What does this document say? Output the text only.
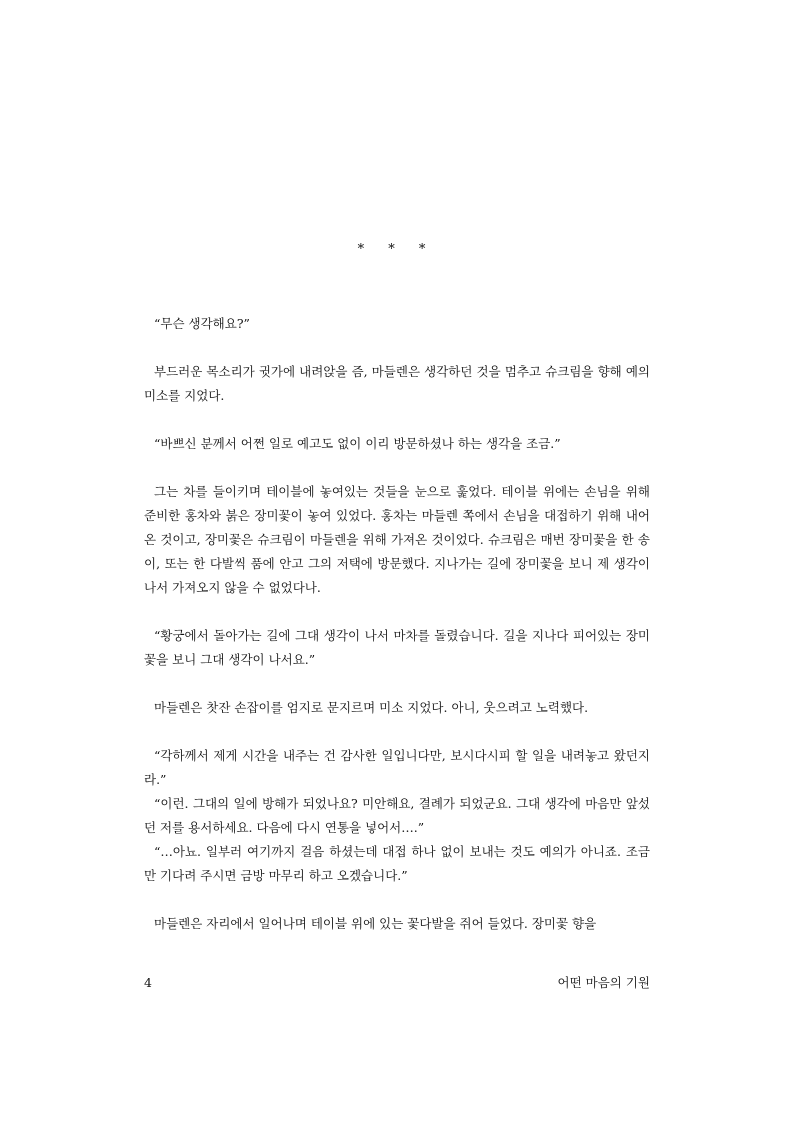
* * *

“무슨 생각해요?”

부드러운 목소리가 귓가에 내려앉을 즘, 마들렌은 생각하던 것을 멈추고 슈크림을 향해 예의 미소를 지었다.

“바쁘신 분께서 어쩐 일로 예고도 없이 이리 방문하셨나 하는 생각을 조금.”

그는 차를 들이키며 테이블에 놓여있는 것들을 눈으로 훑었다. 테이블 위에는 손님을 위해 준비한 홍차와 붉은 장미꽃이 놓여 있었다. 홍차는 마들렌 쪽에서 손님을 대접하기 위해 내어온 것이고, 장미꽃은 슈크림이 마들렌을 위해 가져온 것이었다. 슈크림은 매번 장미꽃을 한 송이, 또는 한 다발씩 품에 안고 그의 저택에 방문했다. 지나가는 길에 장미꽃을 보니 제 생각이 나서 가져오지 않을 수 없었다나.

“황궁에서 돌아가는 길에 그대 생각이 나서 마차를 돌렸습니다. 길을 지나다 피어있는 장미꽃을 보니 그대 생각이 나서요.”

마들렌은 찻잔 손잡이를 엄지로 문지르며 미소 지었다. 아니, 웃으려고 노력했다.

“각하께서 제게 시간을 내주는 건 감사한 일입니다만, 보시다시피 할 일을 내려놓고 왔던지라.”

“이런. 그대의 일에 방해가 되었나요? 미안해요, 결례가 되었군요. 그대 생각에 마음만 앞섰던 저를 용서하세요. 다음에 다시 연통을 넣어서….”

“…아뇨. 일부러 여기까지 걸음 하셨는데 대접 하나 없이 보내는 것도 예의가 아니죠. 조금만 기다려 주시면 금방 마무리 하고 오겠습니다.”

마들렌은 자리에서 일어나며 테이블 위에 있는 꽃다발을 쥐어 들었다. 장미꽃 향을

4	어떤 마음의 기원
